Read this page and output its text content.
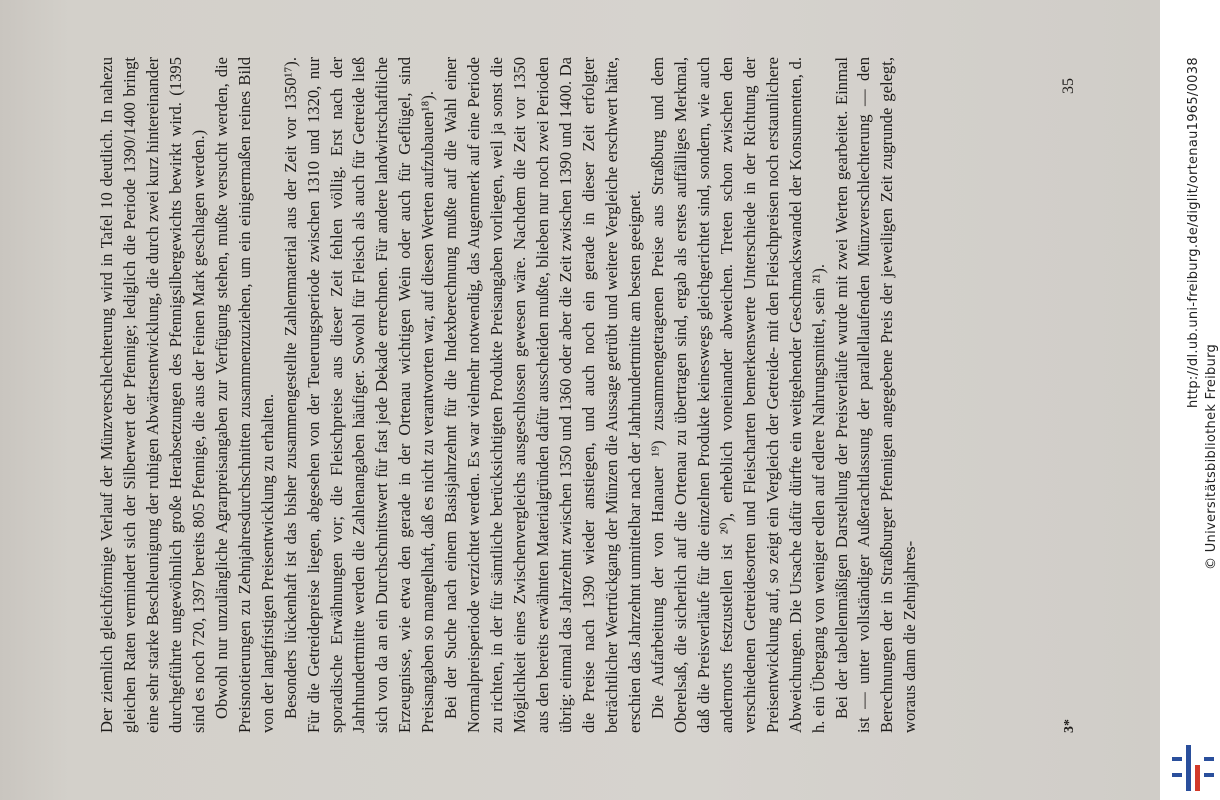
Der ziemlich gleichförmige Verlauf der Münzverschlechterung wird in Tafel 10 deutlich. In nahezu gleichen Raten vermindert sich der Silberwert der Pfennige; lediglich die Periode 1390/1400 bringt eine sehr starke Beschleunigung der ruhigen Abwärtsentwicklung, die durch zwei kurz hintereinander durchgeführte ungewöhnlich große Herabsetzungen des Pfennigsilbergewichts bewirkt wird. (1395 sind es noch 720, 1397 bereits 805 Pfennige, die aus der Feinen Mark geschlagen werden.) Obwohl nur unzulängliche Agrarpreisangaben zur Verfügung stehen, mußte versucht werden, die Preisnotierungen zu Zehnjahresdurchschnitten zusammenzuziehen, um ein einigermaßen reines Bild von der langfristigen Preisentwicklung zu erhalten. Besonders lückenhaft ist das bisher zusammengestellte Zahlenmaterial aus der Zeit vor 1350¹⁷). Für die Getreidepreise liegen, abgesehen von der Teuerungsperiode zwischen 1310 und 1320, nur sporadische Erwähnungen vor; die Fleischpreise aus dieser Zeit fehlen völlig. Erst nach der Jahrhundertmitte werden die Zahlenangaben häufiger. Sowohl für Fleisch als auch für Getreide ließ sich von da an ein Durchschnittswert für fast jede Dekade errechnen. Für andere landwirtschaftliche Erzeugnisse, wie etwa den gerade in der Ortenau wichtigen Wein oder auch für Geflügel, sind Preisangaben so mangelhaft, daß es nicht zu verantworten war, auf diesen Werten aufzubauen¹⁸). Bei der Suche nach einem Basisjahrzehnt für die Indexberechnung mußte auf die Wahl einer Normalpreisperiode verzichtet werden. Es war vielmehr notwendig, das Augenmerk auf eine Periode zu richten, in der für sämtliche berücksichtigten Produkte Preisangaben vorliegen, weil ja sonst die Möglichkeit eines Zwischenvergleichs ausgeschlossen gewesen wäre. Nachdem die Zeit vor 1350 aus den bereits erwähnten Materialgründen dafür ausscheiden mußte, blieben nur noch zwei Perioden übrig: einmal das Jahrzehnt zwischen 1350 und 1360 oder aber die Zeit zwischen 1390 und 1400. Da die Preise nach 1390 wieder anstiegen, und auch noch ein gerade in dieser Zeit erfolgter beträchtlicher Wertrückgang der Münzen die Aussage getrübt und weitere Vergleiche erschwert hätte, erschien das Jahrzehnt unmittelbar nach der Jahrhundertmitte am besten geeignet. Die Aufarbeitung der von Hanauer ¹⁹) zusammengetragenen Preise aus Straßburg und dem Oberelsaß, die sicherlich auf die Ortenau zu übertragen sind, ergab als erstes auffälliges Merkmal, daß die Preisverläufe für die einzelnen Produkte keineswegs gleichgerichtet sind, sondern, wie auch andernorts festzustellen ist ²⁰), erheblich voneinander abweichen. Treten schon zwischen den verschiedenen Getreidesorten und Fleischarten bemerkenswerte Unterschiede in der Richtung der Preisentwicklung auf, so zeigt ein Vergleich der Getreide- mit den Fleischpreisen noch erstaunlichere Abweichungen. Die Ursache dafür dürfte ein weitgehender Geschmackswandel der Konsumenten, d. h. ein Übergang von weniger edlen auf edlere Nahrungsmittel, sein ²¹). Bei der tabellenmäßigen Darstellung der Preisverläufe wurde mit zwei Werten gearbeitet. Einmal ist — unter vollständiger Außerachtlassung der parallellaufenden Münzverschlechterung — den Berechnungen der in Straßburger Pfennigen angegebene Preis der jeweiligen Zeit zugrunde gelegt, woraus dann die Zehnjahres-	3*
35	http://dl.ub.uni-freiburg.de/diglit/ortenau1965/0038
© Universitätsbibliothek Freiburg
